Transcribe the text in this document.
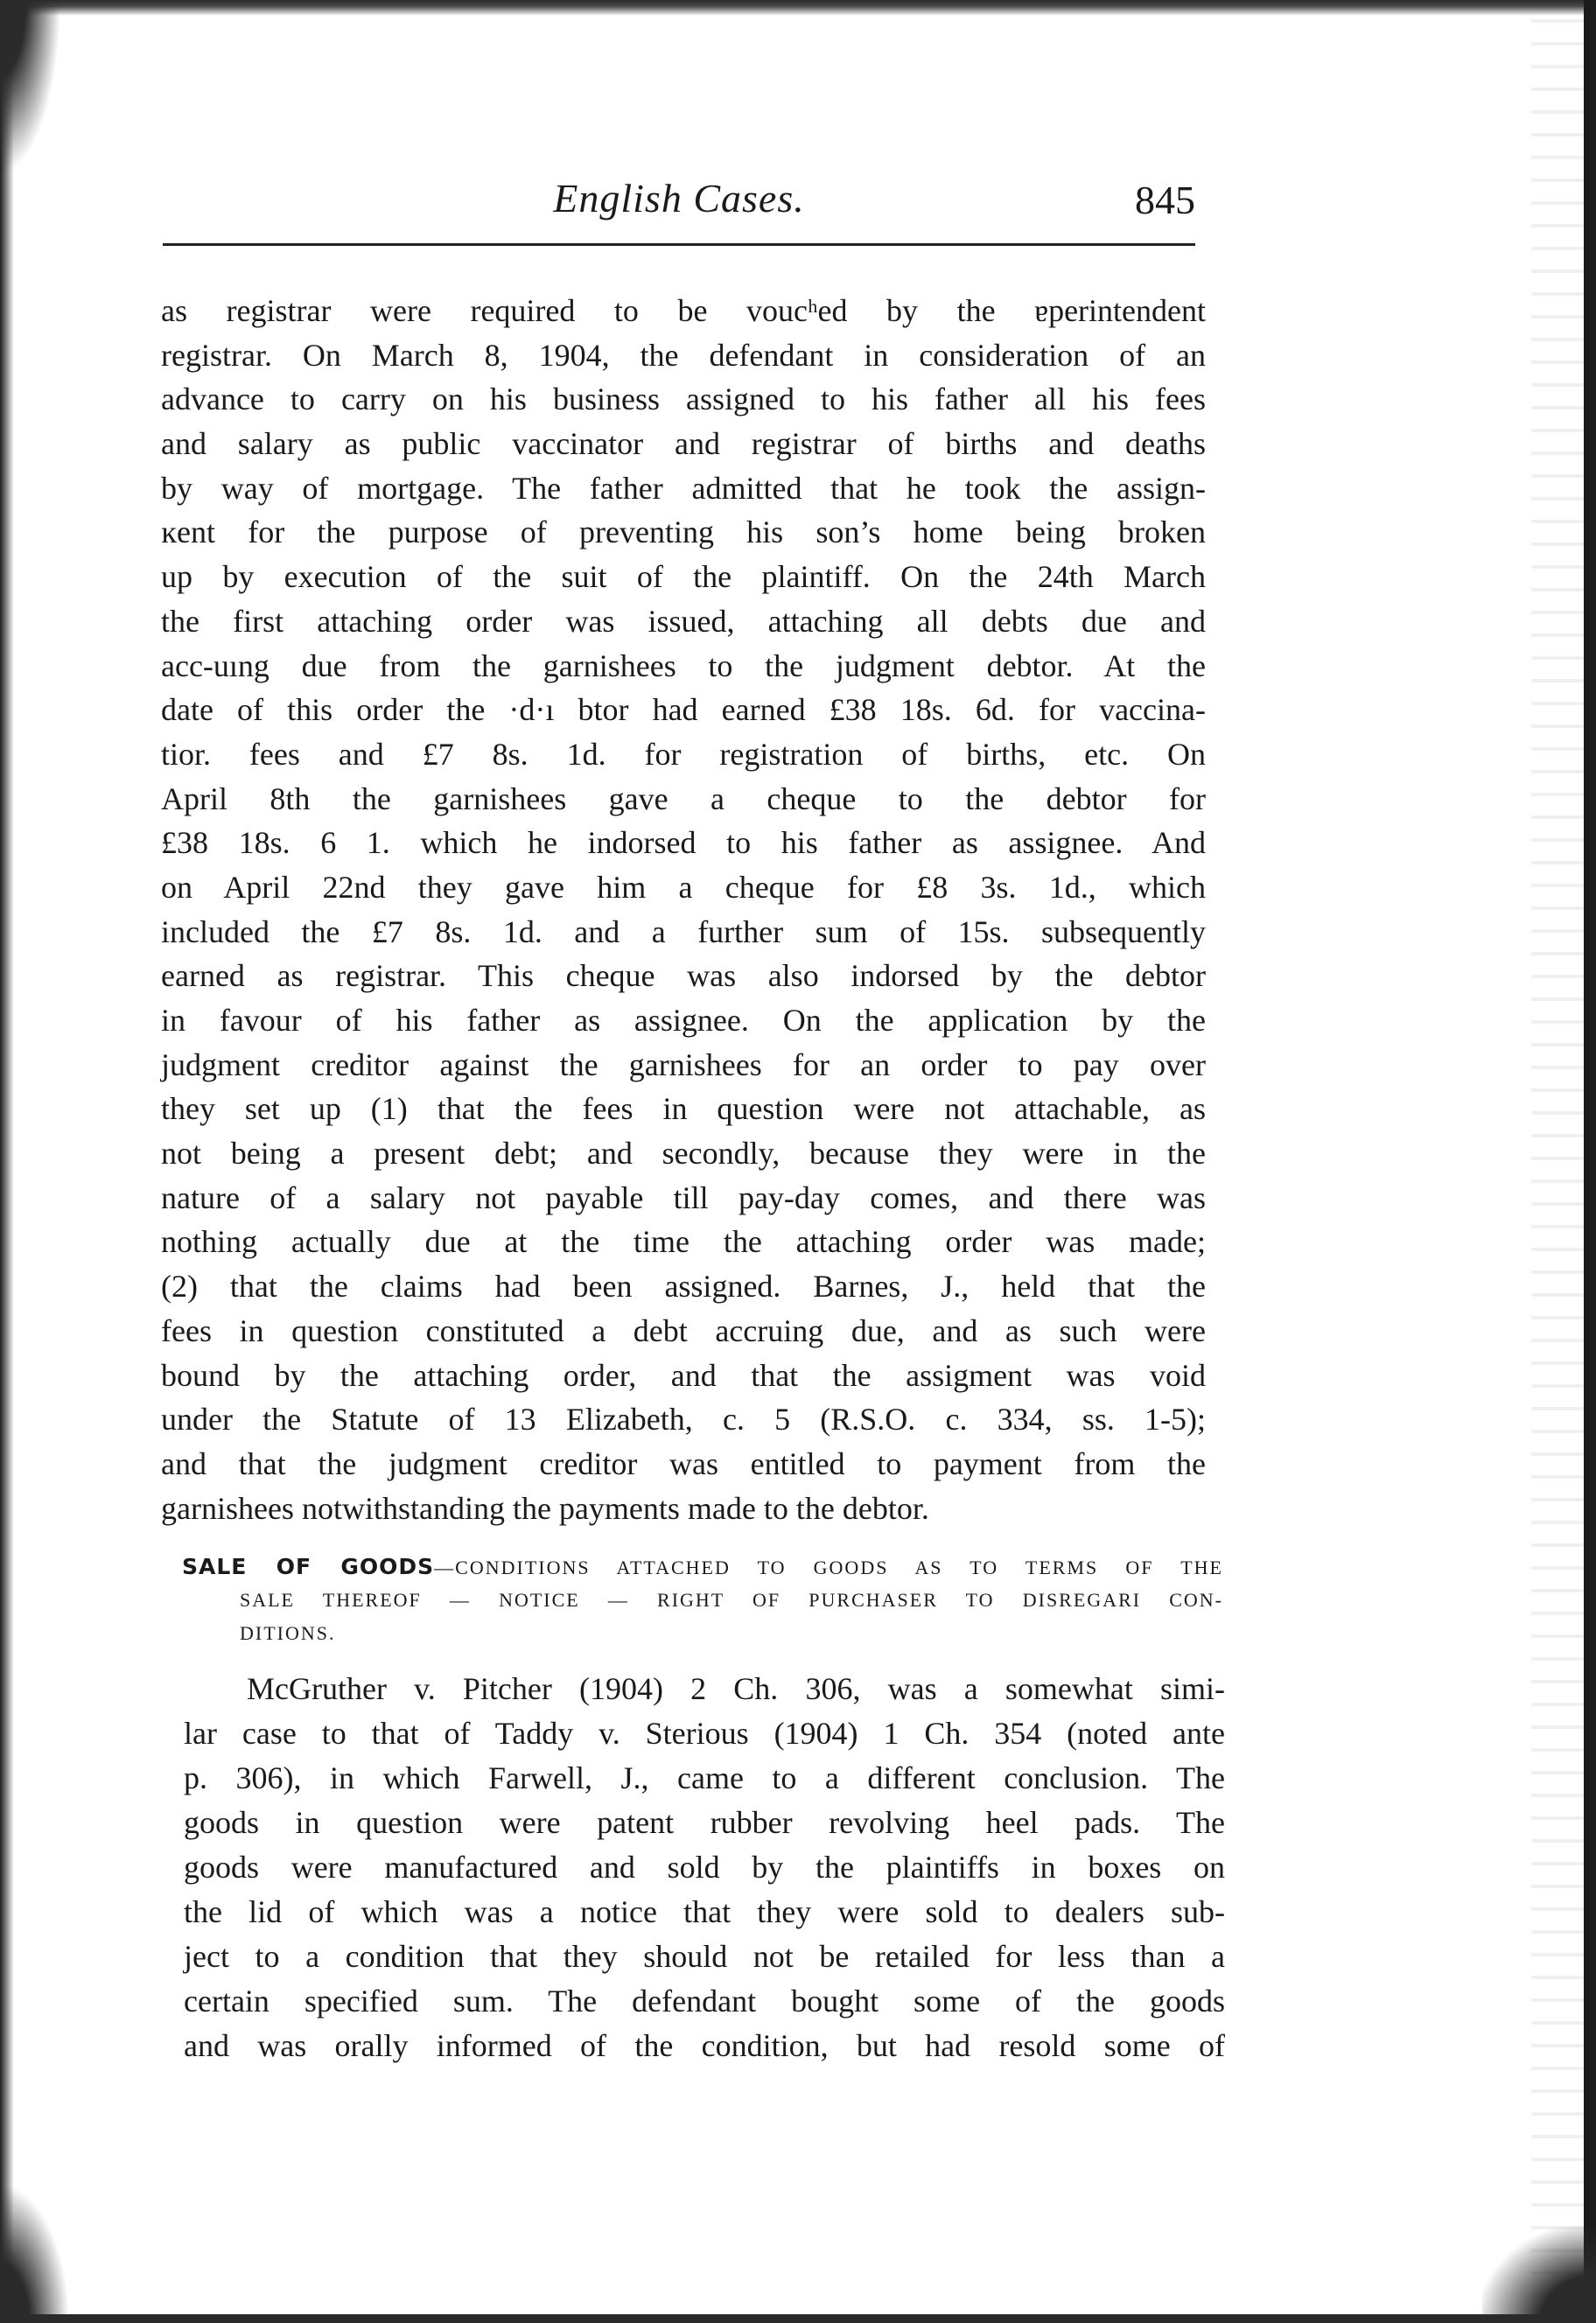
English Cases.	845
as registrar were required to be voucʰed by the ɐperintendent
registrar. On March 8, 1904, the defendant in consideration of an
advance to carry on his business assigned to his father all his fees
and salary as public vaccinator and registrar of births and deaths
by way of mortgage. The father admitted that he took the assign-
ĸent for the purpose of preventing his son’s home being broken
up by execution of the suit of the plaintiff. On the 24th March
the first attaching order was issued, attaching all debts due and
acc-uıng due from the garnishees to the judgment debtor. At the
date of this order the ·d·ı btor had earned £38 18s. 6d. for vaccina-
tior. fees and £7 8s. 1d. for registration of births, etc. On
April 8th the garnishees gave a cheque to the debtor for
£38 18s. 6 1. which he indorsed to his father as assignee. And
on April 22nd they gave him a cheque for £8 3s. 1d., which
included the £7 8s. 1d. and a further sum of 15s. subsequently
earned as registrar. This cheque was also indorsed by the debtor
in favour of his father as assignee. On the application by the
judgment creditor against the garnishees for an order to pay over
they set up (1) that the fees in question were not attachable, as
not being a present debt; and secondly, because they were in the
nature of a salary not payable till pay-day comes, and there was
nothing actually due at the time the attaching order was made;
(2) that the claims had been assigned. Barnes, J., held that the
fees in question constituted a debt accruing due, and as such were
bound by the attaching order, and that the assigment was void
under the Statute of 13 Elizabeth, c. 5 (R.S.O. c. 334, ss. 1-5);
and that the judgment creditor was entitled to payment from the
garnishees notwithstanding the payments made to the debtor.
SALE OF GOODS—CONDITIONS ATTACHED TO GOODS AS TO TERMS OF THE
SALE THEREOF — NOTICE — RIGHT OF PURCHASER TO DISREGARI CON-
DITIONS.
McGruther v. Pitcher (1904) 2 Ch. 306, was a somewhat simi-
lar case to that of Taddy v. Sterious (1904) 1 Ch. 354 (noted ante
p. 306), in which Farwell, J., came to a different conclusion. The
goods in question were patent rubber revolving heel pads. The
goods were manufactured and sold by the plaintiffs in boxes on
the lid of which was a notice that they were sold to dealers sub-
ject to a condition that they should not be retailed for less than a
certain specified sum. The defendant bought some of the goods
and was orally informed of the condition, but had resold some of
